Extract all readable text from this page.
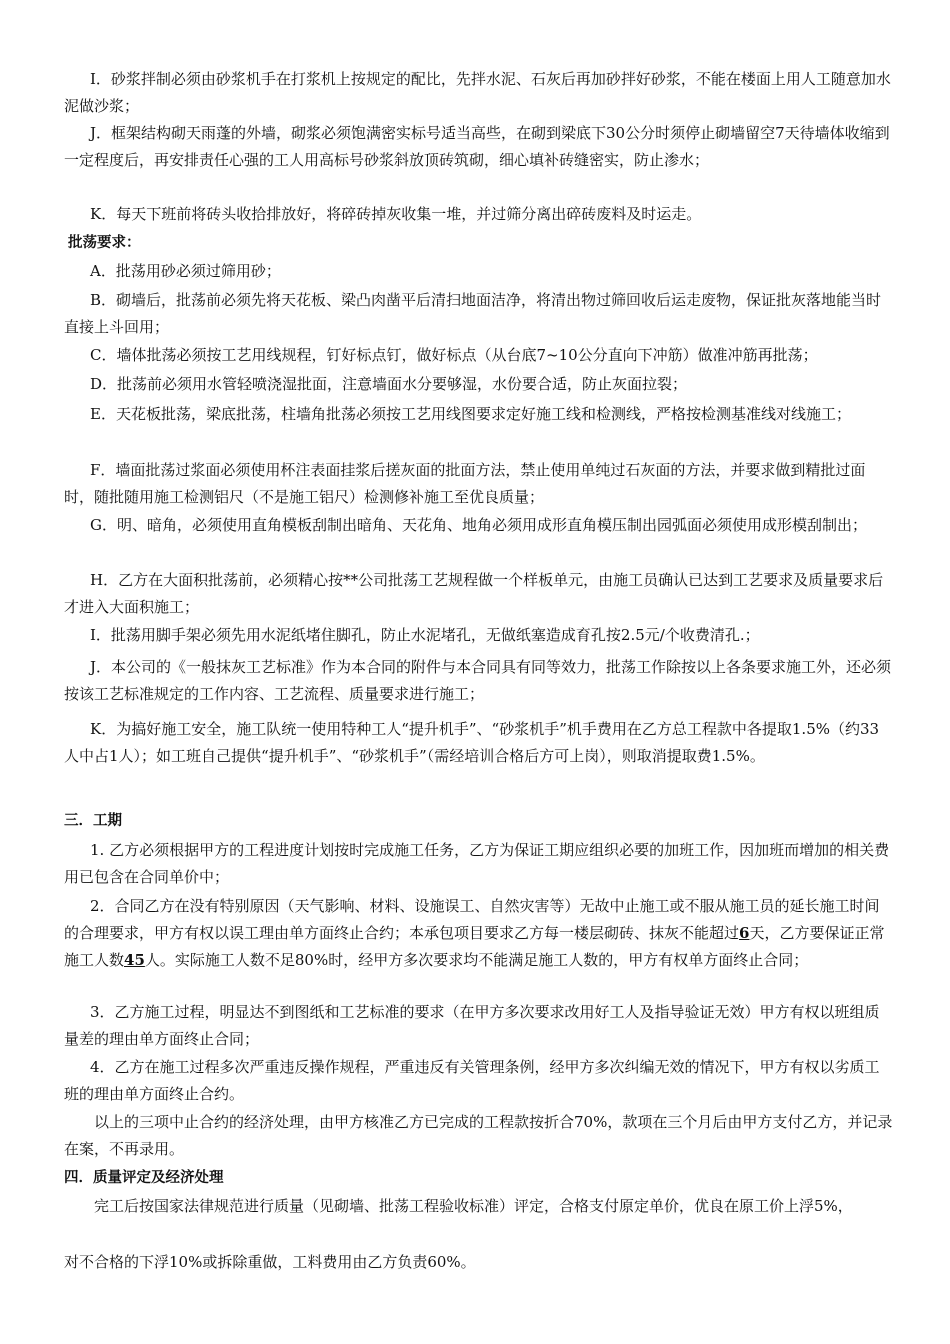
I．砂浆拌制必须由砂浆机手在打浆机上按规定的配比，先拌水泥、石灰后再加砂拌好砂浆，不能在楼面上用人工随意加水泥做沙浆；

J．框架结构砌天雨蓬的外墙，砌浆必须饱满密实标号适当高些，在砌到梁底下30公分时须停止砌墙留空7天待墙体收缩到一定程度后，再安排责任心强的工人用高标号砂浆斜放顶砖筑砌，细心填补砖缝密实，防止渗水；

K．每天下班前将砖头收拾排放好，将碎砖掉灰收集一堆，并过筛分离出碎砖废料及时运走。

批荡要求：

A．批荡用砂必须过筛用砂；

B．砌墙后，批荡前必须先将天花板、梁凸肉凿平后清扫地面洁净，将清出物过筛回收后运走废物，保证批灰落地能当时直接上斗回用；

C．墙体批荡必须按工艺用线规程，钉好标点钉，做好标点（从台底7~10公分直向下冲筋）做准冲筋再批荡；

D．批荡前必须用水管轻喷浇湿批面，注意墙面水分要够湿，水份要合适，防止灰面拉裂；

E．天花板批荡，梁底批荡，柱墙角批荡必须按工艺用线图要求定好施工线和检测线，严格按检测基准线对线施工；

F．墙面批荡过浆面必须使用杯注表面挂浆后搓灰面的批面方法，禁止使用单纯过石灰面的方法，并要求做到精批过面时，随批随用施工检测铝尺（不是施工铝尺）检测修补施工至优良质量；

G．明、暗角，必须使用直角模板刮制出暗角、天花角、地角必须用成形直角模压制出园弧面必须使用成形模刮制出；

H．乙方在大面积批荡前，必须精心按**公司批荡工艺规程做一个样板单元，由施工员确认已达到工艺要求及质量要求后才进入大面积施工；

I．批荡用脚手架必须先用水泥纸堵住脚孔，防止水泥堵孔，无做纸塞造成育孔按2.5元/个收费清孔.；

J．本公司的《一般抹灰工艺标准》作为本合同的附件与本合同具有同等效力，批荡工作除按以上各条要求施工外，还必须按该工艺标准规定的工作内容、工艺流程、质量要求进行施工；

K．为搞好施工安全，施工队统一使用特种工人“提升机手”、“砂浆机手”机手费用在乙方总工程款中各提取1.5%（约33人中占1人）；如工班自己提供“提升机手”、“砂浆机手”（需经培训合格后方可上岗），则取消提取费1.5%。

三．工期

1. 乙方必须根据甲方的工程进度计划按时完成施工任务，乙方为保证工期应组织必要的加班工作，因加班而增加的相关费用已包含在合同单价中；

2．合同乙方在没有特别原因（天气影响、材料、设施误工、自然灾害等）无故中止施工或不服从施工员的延长施工时间的合理要求，甲方有权以误工理由单方面终止合约；本承包项目要求乙方每一楼层砌砖、抹灰不能超过6天，乙方要保证正常施工人数45人。实际施工人数不足80%时，经甲方多次要求均不能满足施工人数的，甲方有权单方面终止合同；

3．乙方施工过程，明显达不到图纸和工艺标准的要求（在甲方多次要求改用好工人及指导验证无效）甲方有权以班组质量差的理由单方面终止合同；

4．乙方在施工过程多次严重违反操作规程，严重违反有关管理条例，经甲方多次纠编无效的情况下，甲方有权以劣质工班的理由单方面终止合约。

以上的三项中止合约的经济处理，由甲方核准乙方已完成的工程款按折合70%，款项在三个月后由甲方支付乙方，并记录在案，不再录用。

四．质量评定及经济处理

完工后按国家法律规范进行质量（见砌墙、批荡工程验收标准）评定，合格支付原定单价，优良在原工价上浮5%，

对不合格的下浮10%或拆除重做，工料费用由乙方负责60%。
